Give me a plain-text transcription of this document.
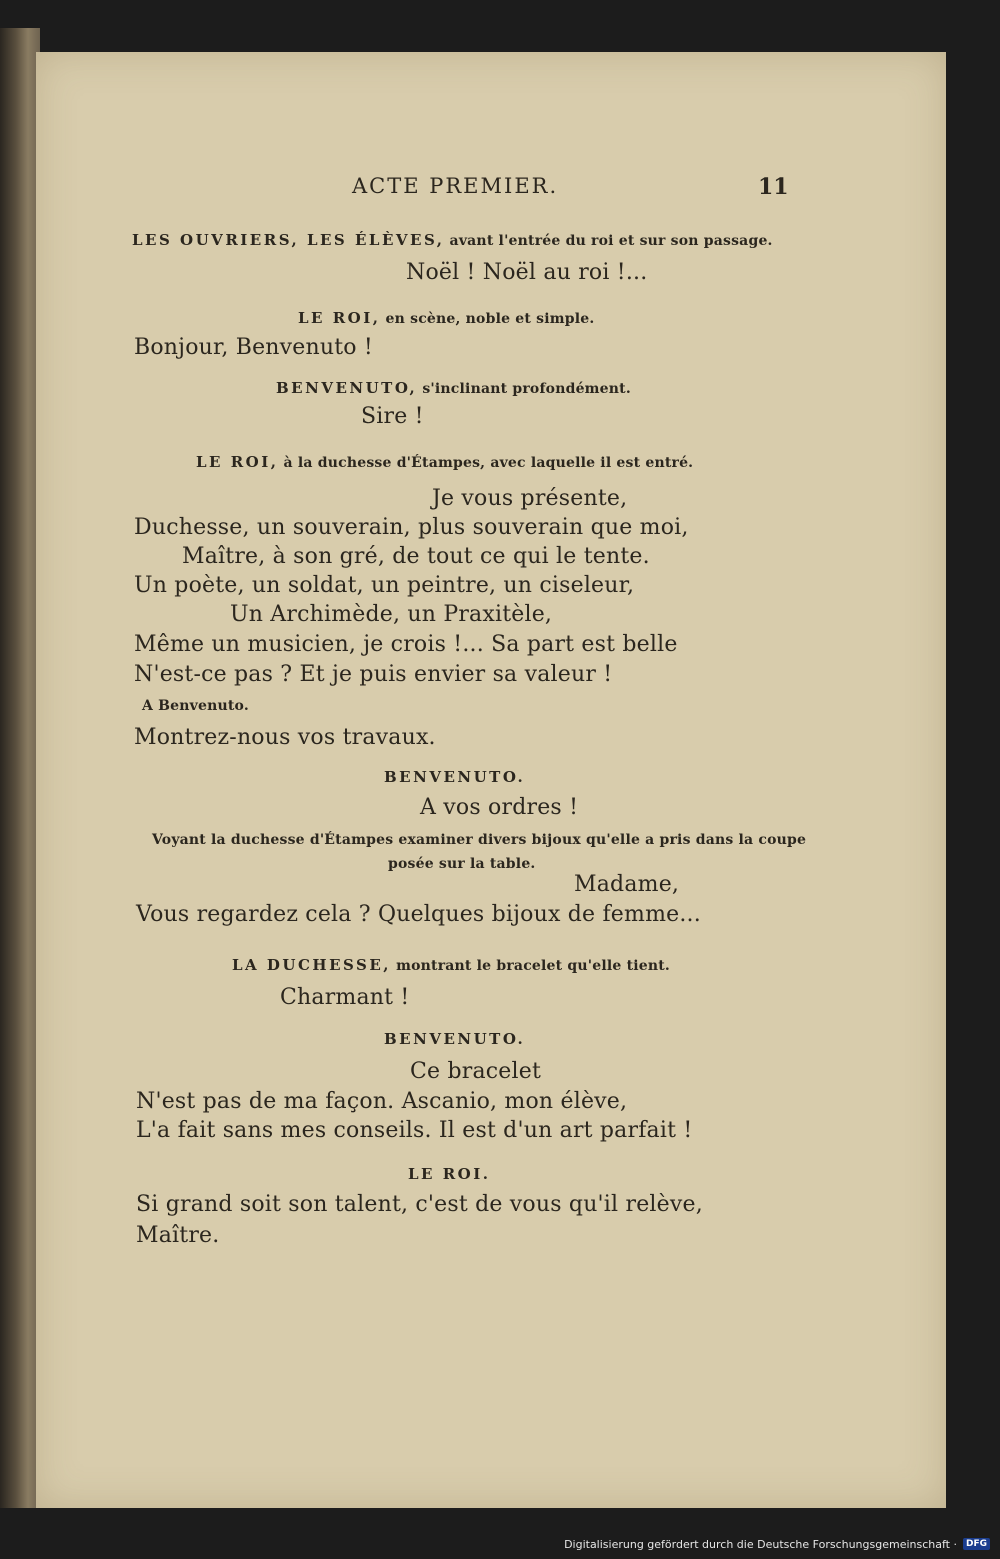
ACTE PREMIER.	11
LES OUVRIERS, LES ÉLÈVES, avant l'entrée du roi et sur son passage.
Noël ! Noël au roi !...
LE ROI, en scène, noble et simple.
Bonjour, Benvenuto !
BENVENUTO, s'inclinant profondément.
Sire !
LE ROI, à la duchesse d'Étampes, avec laquelle il est entré.
Je vous présente,
Duchesse, un souverain, plus souverain que moi,
Maître, à son gré, de tout ce qui le tente.
Un poète, un soldat, un peintre, un ciseleur,
Un Archimède, un Praxitèle,
Même un musicien, je crois !... Sa part est belle
N'est-ce pas ? Et je puis envier sa valeur !
A Benvenuto.
Montrez-nous vos travaux.
BENVENUTO.
A vos ordres !
Voyant la duchesse d'Étampes examiner divers bijoux qu'elle a pris dans la coupe
posée sur la table.
Madame,
Vous regardez cela ? Quelques bijoux de femme...
LA DUCHESSE, montrant le bracelet qu'elle tient.
Charmant !
BENVENUTO.
Ce bracelet
N'est pas de ma façon. Ascanio, mon élève,
L'a fait sans mes conseils. Il est d'un art parfait !
LE ROI.
Si grand soit son talent, c'est de vous qu'il relève,
Maître.
Digitalisierung gefördert durch die Deutsche Forschungsgemeinschaft ·	DFG
